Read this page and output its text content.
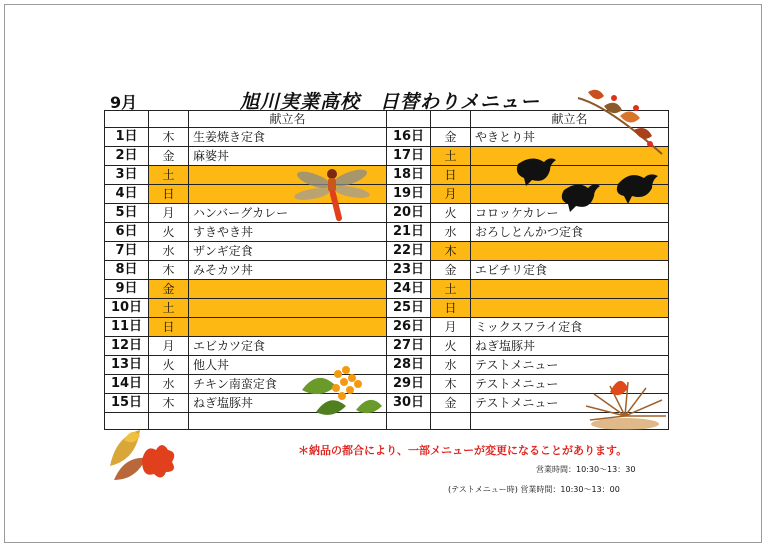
9月	旭川実業高校　日替わりメニュー
		献立名			献立名
1日	木	生姜焼き定食	16日	金	やきとり丼
2日	金	麻婆丼	17日	土	
3日	土		18日	日	
4日	日		19日	月	
5日	月	ハンバーグカレー	20日	火	コロッケカレー
6日	火	すきやき丼	21日	水	おろしとんかつ定食
7日	水	ザンギ定食	22日	木	
8日	木	みそカツ丼	23日	金	エビチリ定食
9日	金		24日	土	
10日	土		25日	日	
11日	日		26日	月	ミックスフライ定食
12日	月	エビカツ定食	27日	火	ねぎ塩豚丼
13日	火	他人丼	28日	水	テストメニュー
14日	水	チキン南蛮定食	29日	木	テストメニュー
15日	木	ねぎ塩豚丼	30日	金	テストメニュー

＊納品の都合により、一部メニューが変更になることがあります。
営業時間：10:30～13：30
(テストメニュー時) 営業時間：10:30～13：00
